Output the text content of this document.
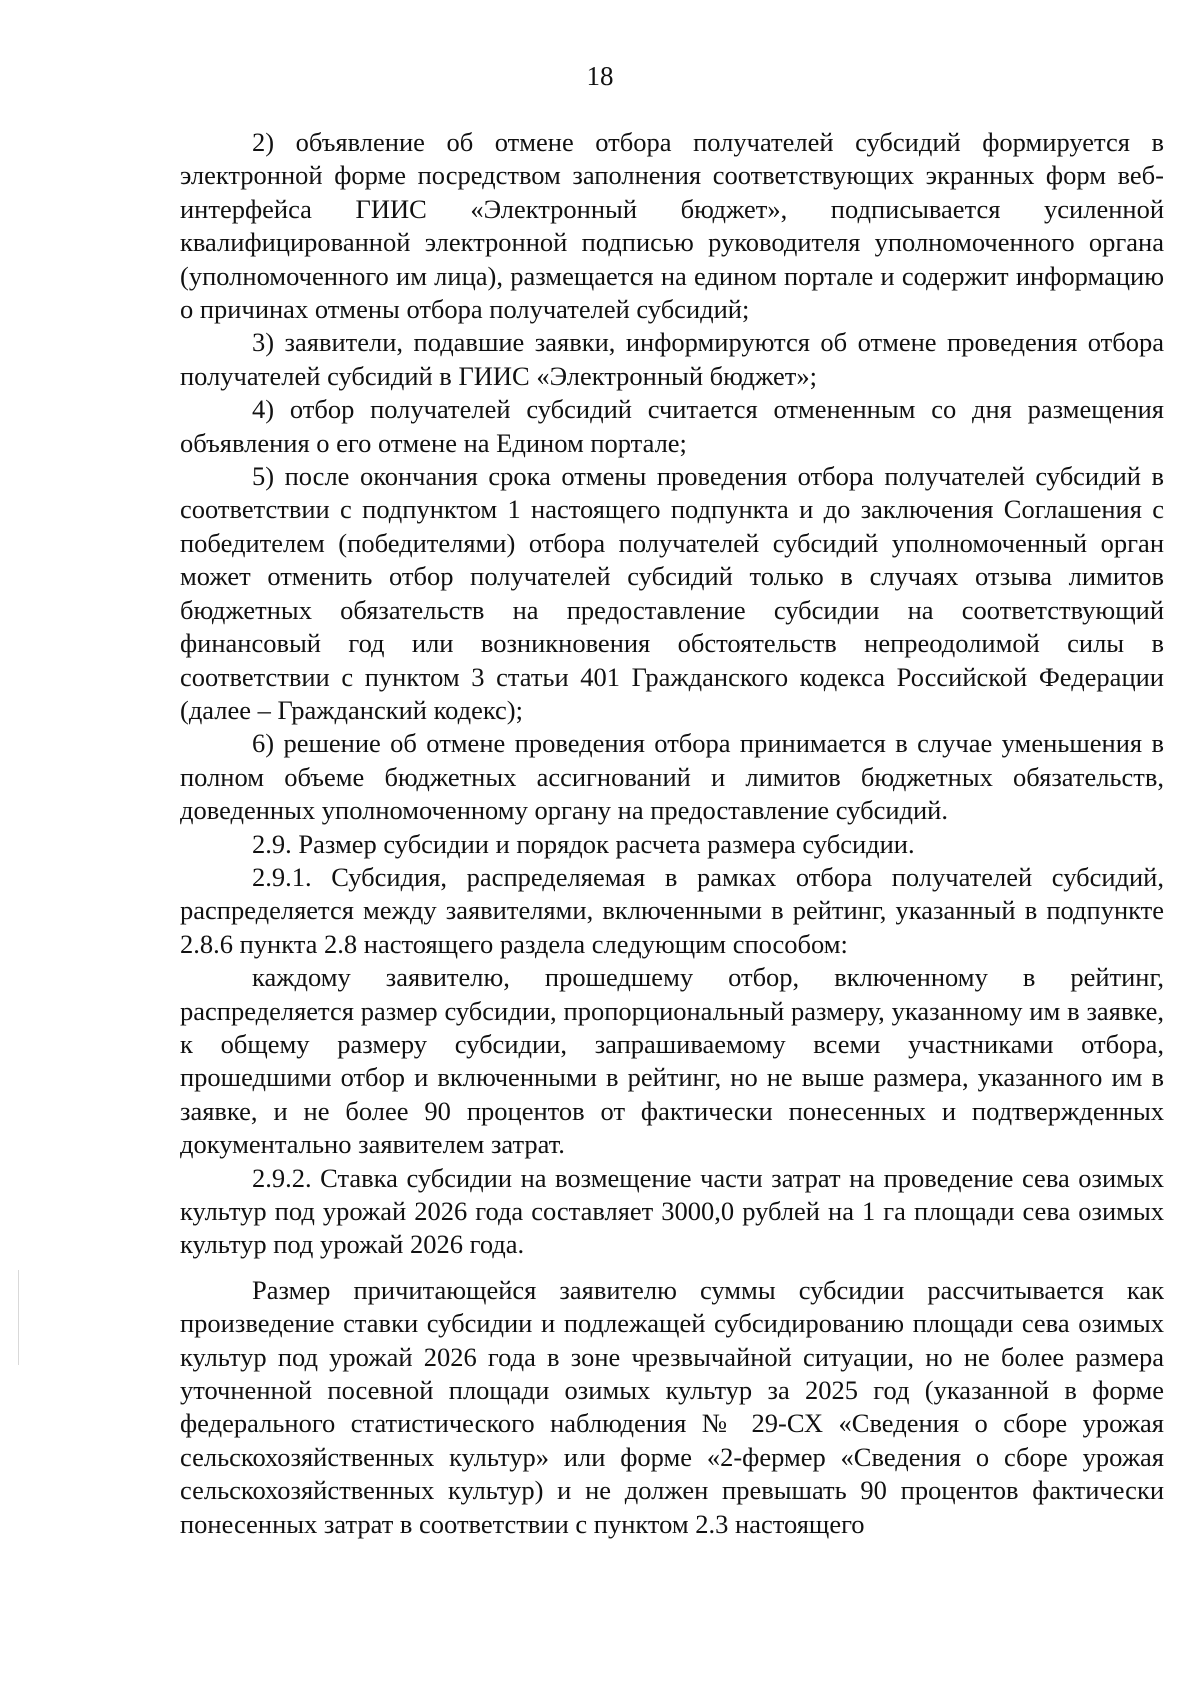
18

2) объявление об отмене отбора получателей субсидий формируется в электронной форме посредством заполнения соответствующих экранных форм веб-интерфейса ГИИС «Электронный бюджет», подписывается усиленной квалифицированной электронной подписью руководителя уполномоченного органа (уполномоченного им лица), размещается на едином портале и содержит информацию о причинах отмены отбора получателей субсидий;

3) заявители, подавшие заявки, информируются об отмене проведения отбора получателей субсидий в ГИИС «Электронный бюджет»;

4) отбор получателей субсидий считается отмененным со дня размещения объявления о его отмене на Едином портале;

5) после окончания срока отмены проведения отбора получателей субсидий в соответствии с подпунктом 1 настоящего подпункта и до заключения Соглашения с победителем (победителями) отбора получателей субсидий уполномоченный орган может отменить отбор получателей субсидий только в случаях отзыва лимитов бюджетных обязательств на предоставление субсидии на соответствующий финансовый год или возникновения обстоятельств непреодолимой силы в соответствии с пунктом 3 статьи 401 Гражданского кодекса Российской Федерации (далее – Гражданский кодекс);

6) решение об отмене проведения отбора принимается в случае уменьшения в полном объеме бюджетных ассигнований и лимитов бюджетных обязательств, доведенных уполномоченному органу на предоставление субсидий.

2.9. Размер субсидии и порядок расчета размера субсидии.

2.9.1. Субсидия, распределяемая в рамках отбора получателей субсидий, распределяется между заявителями, включенными в рейтинг, указанный в подпункте 2.8.6 пункта 2.8 настоящего раздела следующим способом:

каждому заявителю, прошедшему отбор, включенному в рейтинг, распределяется размер субсидии, пропорциональный размеру, указанному им в заявке, к общему размеру субсидии, запрашиваемому всеми участниками отбора, прошедшими отбор и включенными в рейтинг, но не выше размера, указанного им в заявке, и не более 90 процентов от фактически понесенных и подтвержденных документально заявителем затрат.

2.9.2. Ставка субсидии на возмещение части затрат на проведение сева озимых культур под урожай 2026 года составляет 3000,0 рублей на 1 га площади сева озимых культур под урожай 2026 года.

Размер причитающейся заявителю суммы субсидии рассчитывается как произведение ставки субсидии и подлежащей субсидированию площади сева озимых культур под урожай 2026 года в зоне чрезвычайной ситуации, но не более размера уточненной посевной площади озимых культур за 2025 год (указанной в форме федерального статистического наблюдения № 29-СХ «Сведения о сборе урожая сельскохозяйственных культур» или форме «2-фермер «Сведения о сборе урожая сельскохозяйственных культур) и не должен превышать 90 процентов фактически понесенных затрат в соответствии с пунктом 2.3 настоящего
